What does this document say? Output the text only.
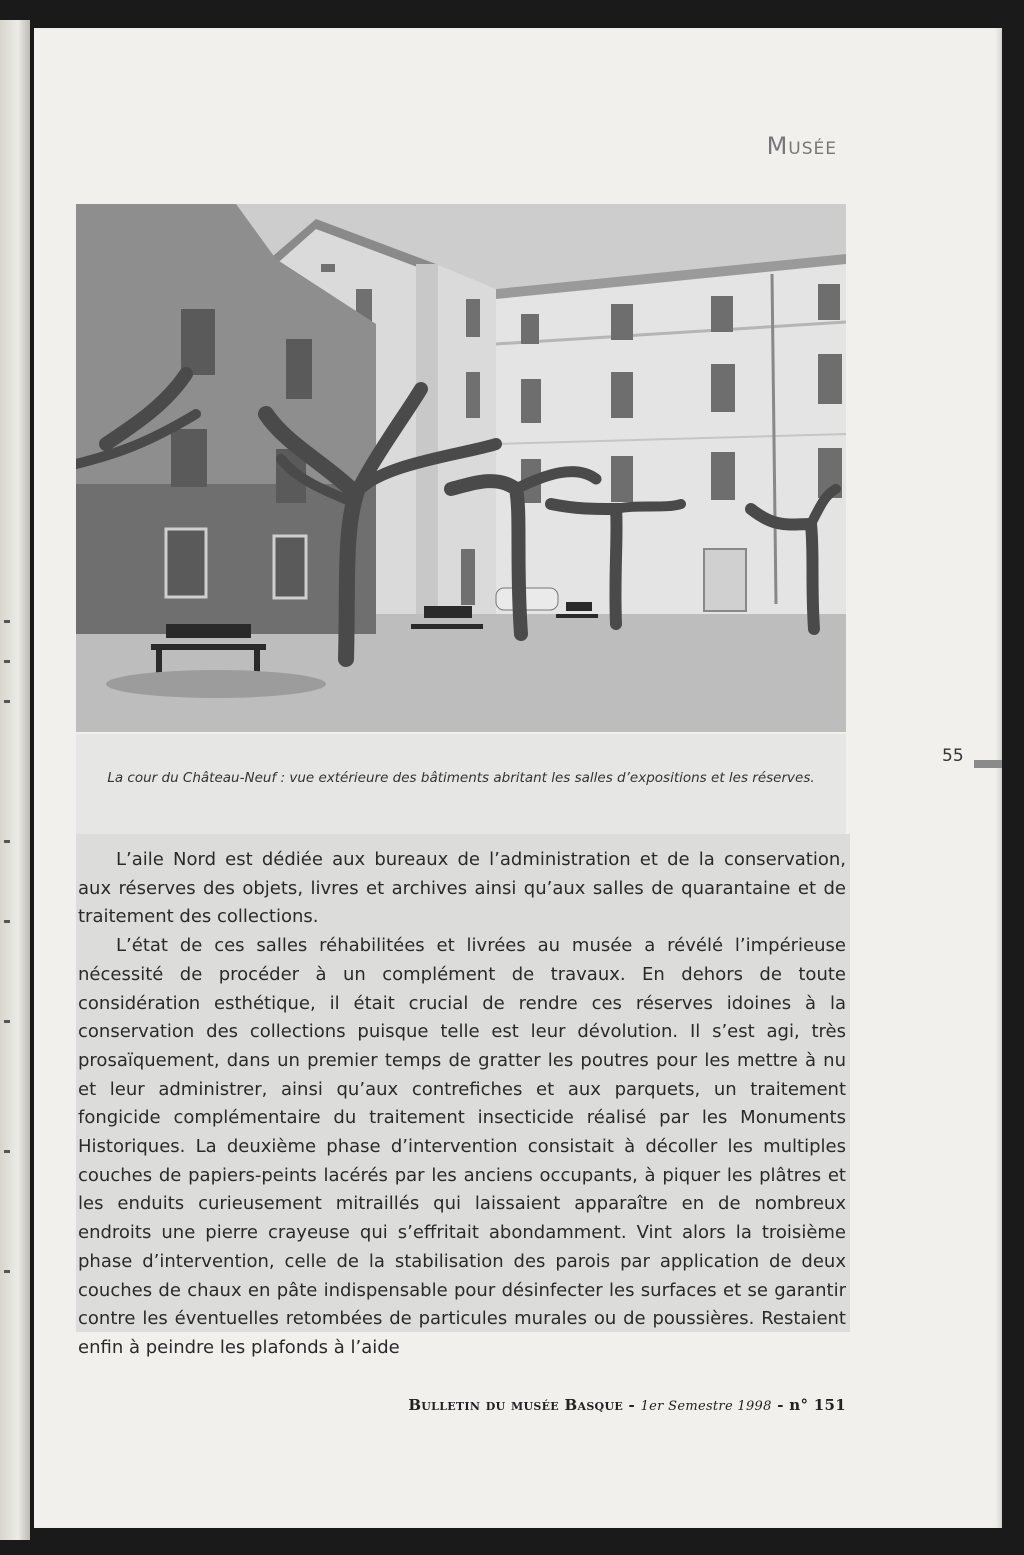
Musée
La cour du Château-Neuf : vue extérieure des bâtiments abritant les salles d’expositions et les réserves.
55

L’aile Nord est dédiée aux bureaux de l’administration et de la conservation, aux réserves des objets, livres et archives ainsi qu’aux salles de quarantaine et de traitement des collections.

L’état de ces salles réhabilitées et livrées au musée a révélé l’impérieuse nécessité de procéder à un complément de travaux. En dehors de toute considération esthétique, il était crucial de rendre ces réserves idoines à la conservation des collections puisque telle est leur dévolution. Il s’est agi, très prosaïquement, dans un premier temps de gratter les poutres pour les mettre à nu et leur administrer, ainsi qu’aux contrefiches et aux parquets, un traitement fongicide complémentaire du traitement insecticide réalisé par les Monuments Historiques. La deuxième phase d’intervention consistait à décoller les multiples couches de papiers-peints lacérés par les anciens occupants, à piquer les plâtres et les enduits curieusement mitraillés qui laissaient apparaître en de nombreux endroits une pierre crayeuse qui s’effritait abondamment. Vint alors la troisième phase d’intervention, celle de la stabilisation des parois par application de deux couches de chaux en pâte indispensable pour désinfecter les surfaces et se garantir contre les éventuelles retombées de particules murales ou de poussières. Restaient enfin à peindre les plafonds à l’aide

Bulletin du musée Basque - 1er Semestre 1998 - n° 151
